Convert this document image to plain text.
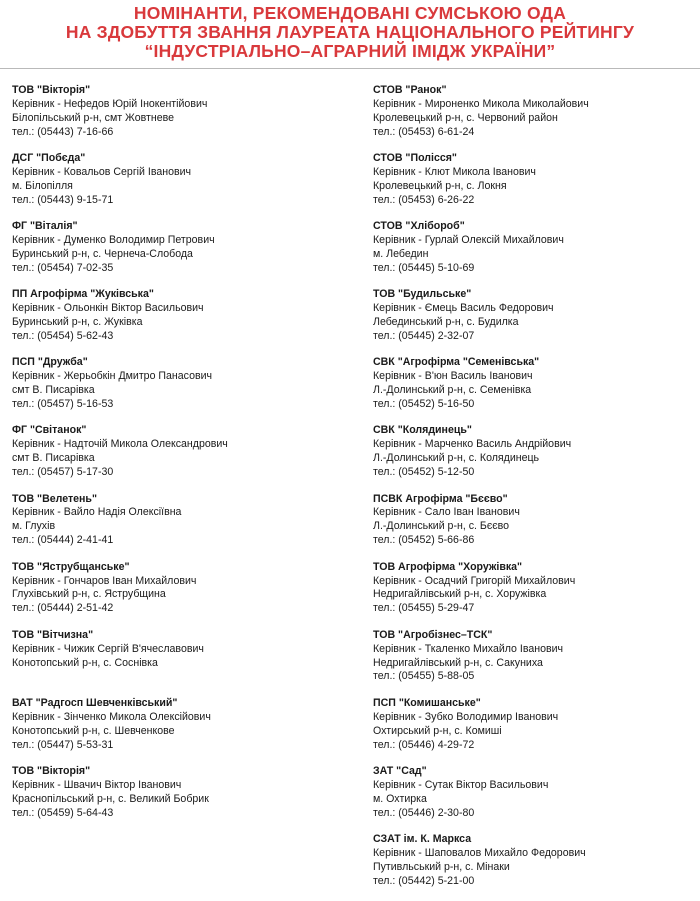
НОМІНАНТИ, РЕКОМЕНДОВАНІ СУМСЬКОЮ ОДА
НА ЗДОБУТТЯ ЗВАННЯ ЛАУРЕАТА НАЦІОНАЛЬНОГО РЕЙТИНГУ
“ІНДУСТРІАЛЬНО–АГРАРНИЙ ІМІДЖ УКРАЇНИ”
ТОВ "Вікторія"
Керівник - Нефедов Юрій Інокентійович
Білопільський р-н, смт Жовтневе
тел.: (05443) 7-16-66
ДСГ "Побєда"
Керівник - Ковальов Сергій Іванович
м. Білопілля
тел.: (05443) 9-15-71
ФГ "Віталія"
Керівник - Думенко Володимир Петрович
Буринський р-н, с. Чернеча-Слобода
тел.: (05454) 7-02-35
ПП Агрофірма "Жуківська"
Керівник - Ольонкін Віктор Васильович
Буринський р-н, с. Жуківка
тел.: (05454) 5-62-43
ПСП "Дружба"
Керівник - Жерьобкін Дмитро Панасович
смт В. Писарівка
тел.: (05457) 5-16-53
ФГ "Світанок"
Керівник - Надточій Микола Олександрович
смт В. Писарівка
тел.: (05457) 5-17-30
ТОВ "Велетень"
Керівник - Вайло Надія Олексіївна
м. Глухів
тел.: (05444) 2-41-41
ТОВ "Яструбщанське"
Керівник - Гончаров Іван Михайлович
Глухівський р-н, с. Яструбщина
тел.: (05444) 2-51-42
ТОВ "Вітчизна"
Керівник - Чижик Сергій В'ячеславович
Конотопський р-н, с. Соснівка
ВАТ "Радгосп Шевченківський"
Керівник - Зінченко Микола Олексійович
Конотопський р-н, с. Шевченкове
тел.: (05447) 5-53-31
ТОВ "Вікторія"
Керівник - Швачич Віктор Іванович
Краснопільський р-н, с. Великий Бобрик
тел.: (05459) 5-64-43
СТОВ "Ранок"
Керівник - Мироненко Микола Миколайович
Кролевецький р-н, с. Червоний район
тел.: (05453) 6-61-24
СТОВ "Полісся"
Керівник - Клют Микола Іванович
Кролевецький р-н, с. Локня
тел.: (05453) 6-26-22
СТОВ "Хлібороб"
Керівник - Гурлай Олексій Михайлович
м. Лебедин
тел.: (05445) 5-10-69
ТОВ "Будильське"
Керівник - Ємець Василь Федорович
Лебединський р-н, с. Будилка
тел.: (05445) 2-32-07
СВК "Агрофірма "Семенівська"
Керівник - В'юн Василь Іванович
Л.-Долинський р-н, с. Семенівка
тел.: (05452) 5-16-50
СВК "Колядинець"
Керівник - Марченко Василь Андрійович
Л.-Долинський р-н, с. Колядинець
тел.: (05452) 5-12-50
ПСВК Агрофірма "Бєєво"
Керівник - Сало Іван Іванович
Л.-Долинський р-н, с. Бєєво
тел.: (05452) 5-66-86
ТОВ Агрофірма "Хоружівка"
Керівник - Осадчий Григорій Михайлович
Недригайлівський р-н, с. Хоружівка
тел.: (05455) 5-29-47
ТОВ "Агробізнес–ТСК"
Керівник - Ткаленко Михайло Іванович
Недригайлівський р-н, с. Сакуниха
тел.: (05455) 5-88-05
ПСП "Комишанське"
Керівник - Зубко Володимир Іванович
Охтирський р-н, с. Комиші
тел.: (05446) 4-29-72
ЗАТ "Сад"
Керівник - Сутак Віктор Васильович
м. Охтирка
тел.: (05446) 2-30-80
СЗАТ ім. К. Маркса
Керівник - Шаповалов Михайло Федорович
Путивльський р-н, с. Мінаки
тел.: (05442) 5-21-00
